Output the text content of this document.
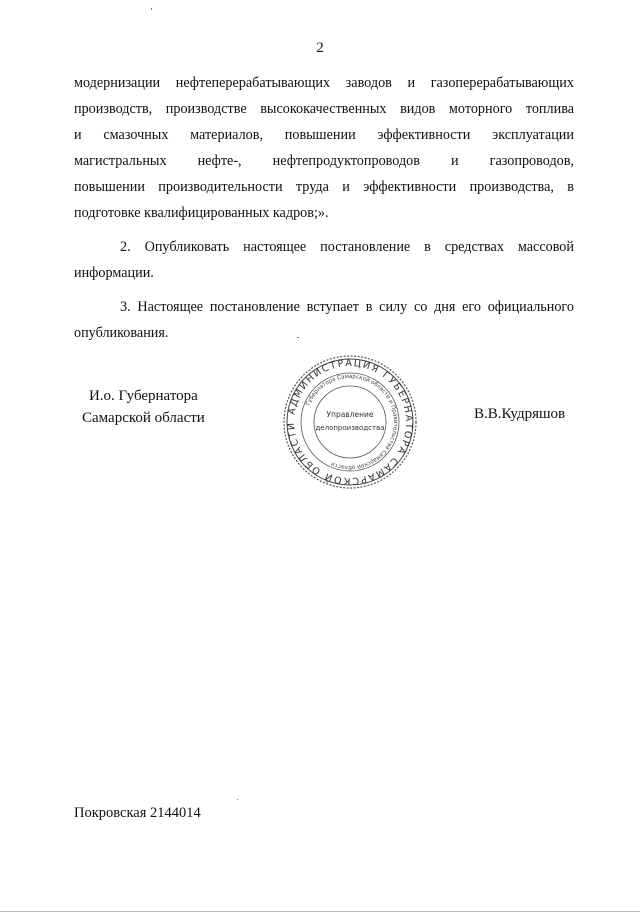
2

модернизации нефтеперерабатывающих заводов и газоперерабатывающих
производств, производстве высококачественных видов моторного топлива
и смазочных материалов, повышении эффективности эксплуатации
магистральных нефте-, нефтепродуктопроводов и газопроводов,
повышении производительности труда и эффективности производства, в
подготовке квалифицированных кадров;».

2. Опубликовать настоящее постановление в средствах массовой информации.

3. Настоящее постановление вступает в силу со дня его официального опубликования.

И.о. Губернатора
Самарской области	АДМИНИСТРАЦИЯ ГУБЕРНАТОРА САМАРСКОЙ ОБЛАСТИ
Губернатора Самарской области и Правительства Самарской области
Управление
делопроизводства
В.В.Кудряшов
Покровская 2144014
